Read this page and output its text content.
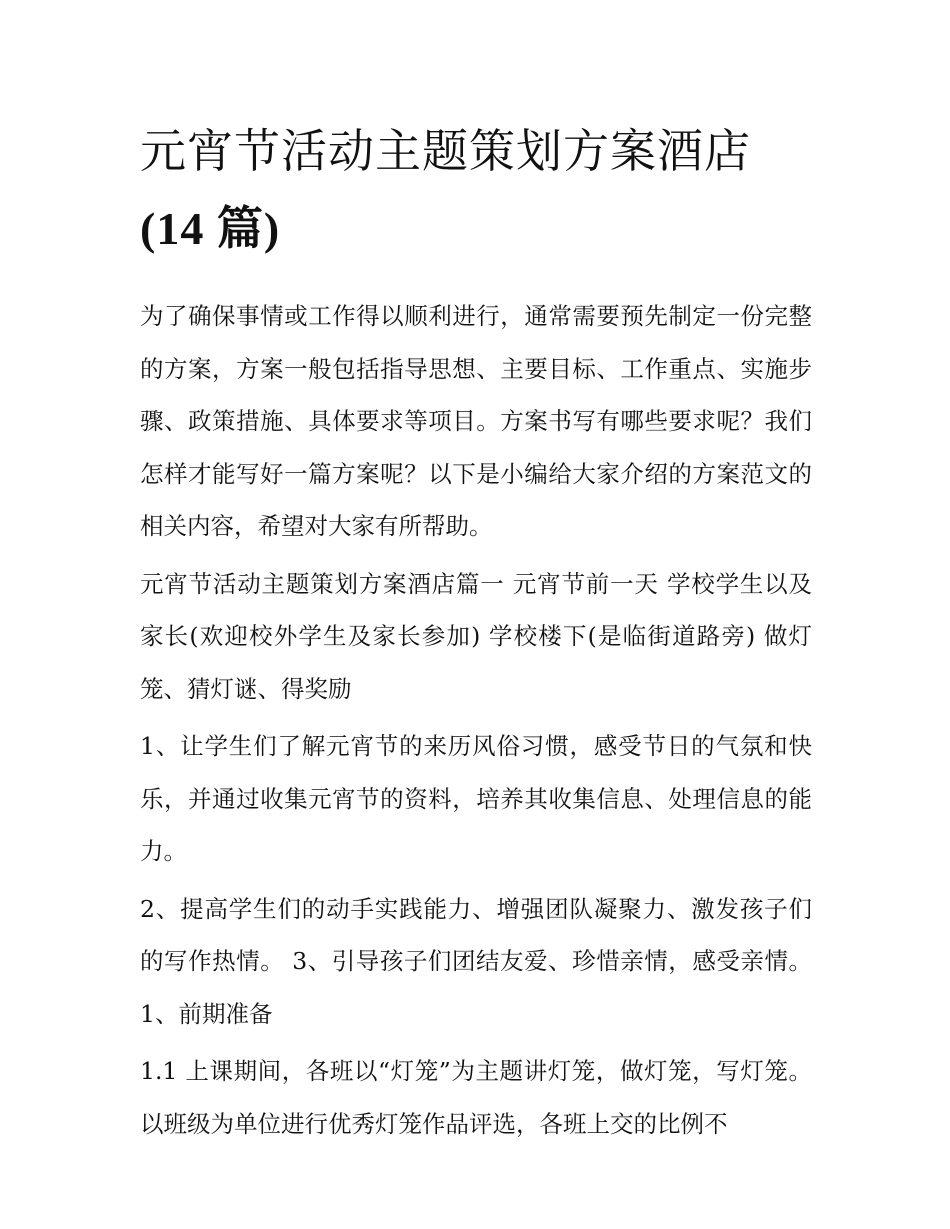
元宵节活动主题策划方案酒店
(14 篇)

为了确保事情或工作得以顺利进行，通常需要预先制定一份完整的方案，方案一般包括指导思想、主要目标、工作重点、实施步骤、政策措施、具体要求等项目。方案书写有哪些要求呢？我们怎样才能写好一篇方案呢？以下是小编给大家介绍的方案范文的相关内容，希望对大家有所帮助。

元宵节活动主题策划方案酒店篇一 元宵节前一天 学校学生以及家长(欢迎校外学生及家长参加) 学校楼下(是临街道路旁) 做灯笼、猜灯谜、得奖励

1、让学生们了解元宵节的来历风俗习惯，感受节日的气氛和快乐，并通过收集元宵节的资料，培养其收集信息、处理信息的能力。

2、提高学生们的动手实践能力、增强团队凝聚力、激发孩子们的写作热情。 3、引导孩子们团结友爱、珍惜亲情，感受亲情。 1、前期准备

1.1 上课期间，各班以“灯笼”为主题讲灯笼，做灯笼，写灯笼。以班级为单位进行优秀灯笼作品评选，各班上交的比例不
